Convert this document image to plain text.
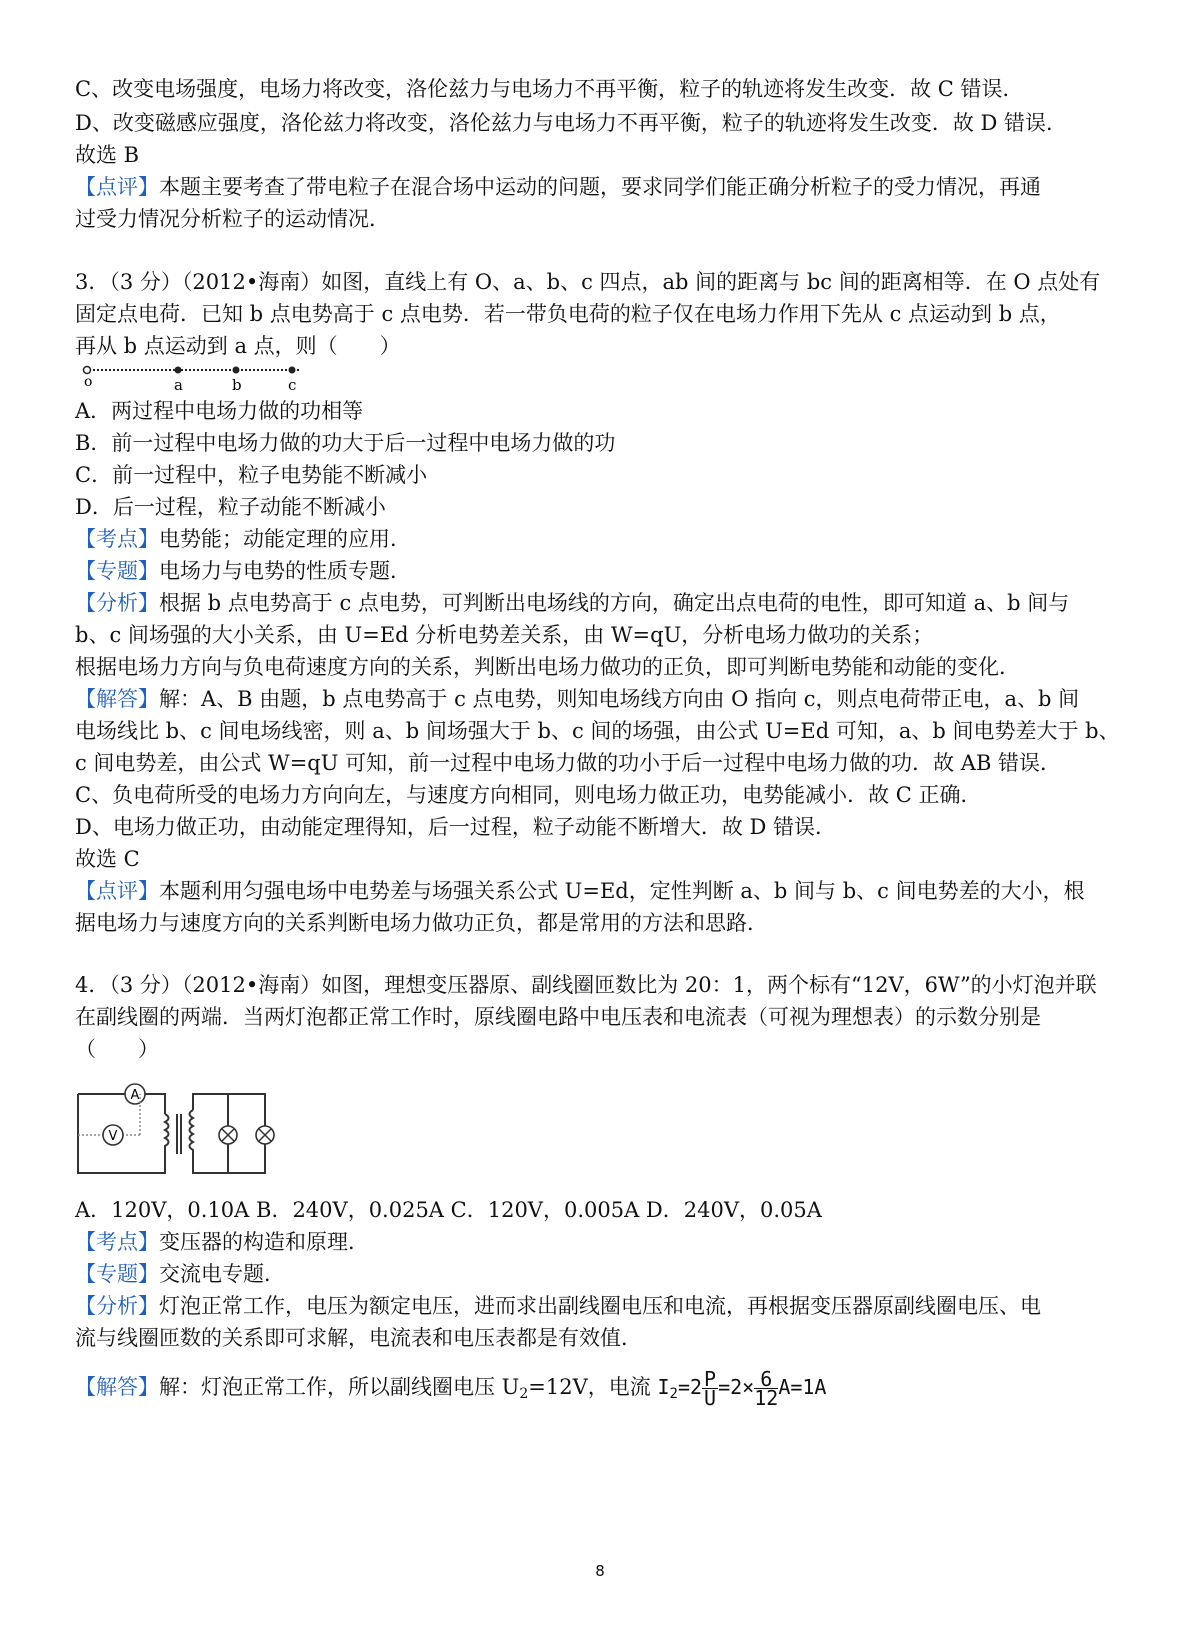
C、改变电场强度，电场力将改变，洛伦兹力与电场力不再平衡，粒子的轨迹将发生改变．故 C 错误．
D、改变磁感应强度，洛伦兹力将改变，洛伦兹力与电场力不再平衡，粒子的轨迹将发生改变．故 D 错误．
故选 B
【点评】本题主要考查了带电粒子在混合场中运动的问题，要求同学们能正确分析粒子的受力情况，再通
过受力情况分析粒子的运动情况．
3．（3 分）（2012•海南）如图，直线上有 O、a、b、c 四点，ab 间的距离与 bc 间的距离相等．在 O 点处有
固定点电荷．已知 b 点电势高于 c 点电势．若一带负电荷的粒子仅在电场力作用下先从 c 点运动到 b 点，
再从 b 点运动到 a 点，则（　　）
o	a	b	c
A．两过程中电场力做的功相等
B．前一过程中电场力做的功大于后一过程中电场力做的功
C．前一过程中，粒子电势能不断减小
D．后一过程，粒子动能不断减小
【考点】电势能；动能定理的应用．
【专题】电场力与电势的性质专题．
【分析】根据 b 点电势高于 c 点电势，可判断出电场线的方向，确定出点电荷的电性，即可知道 a、b 间与
b、c 间场强的大小关系，由 U=Ed 分析电势差关系，由 W=qU，分析电场力做功的关系；
根据电场力方向与负电荷速度方向的关系，判断出电场力做功的正负，即可判断电势能和动能的变化．
【解答】解：A、B 由题，b 点电势高于 c 点电势，则知电场线方向由 O 指向 c，则点电荷带正电，a、b 间
电场线比 b、c 间电场线密，则 a、b 间场强大于 b、c 间的场强，由公式 U=Ed 可知，a、b 间电势差大于 b、
c 间电势差，由公式 W=qU 可知，前一过程中电场力做的功小于后一过程中电场力做的功．故 AB 错误．
C、负电荷所受的电场力方向向左，与速度方向相同，则电场力做正功，电势能减小．故 C 正确．
D、电场力做正功，由动能定理得知，后一过程，粒子动能不断增大．故 D 错误．
故选 C
【点评】本题利用匀强电场中电势差与场强关系公式 U=Ed，定性判断 a、b 间与 b、c 间电势差的大小，根
据电场力与速度方向的关系判断电场力做功正负，都是常用的方法和思路．
4．（3 分）（2012•海南）如图，理想变压器原、副线圈匝数比为 20：1，两个标有“12V，6W”的小灯泡并联
在副线圈的两端．当两灯泡都正常工作时，原线圈电路中电压表和电流表（可视为理想表）的示数分别是
（　　）
A
V
A．120V，0.10A B．240V，0.025A C．120V，0.005A D．240V，0.05A
【考点】变压器的构造和原理．
【专题】交流电专题．
【分析】灯泡正常工作，电压为额定电压，进而求出副线圈电压和电流，再根据变压器原副线圈电压、电
流与线圈匝数的关系即可求解，电流表和电压表都是有效值．
【解答】解：灯泡正常工作，所以副线圈电压 $U_2=12V$，电流 $I_2=2 \frac{P}{U} =2\times \frac{6}{12} A=1A$
8
